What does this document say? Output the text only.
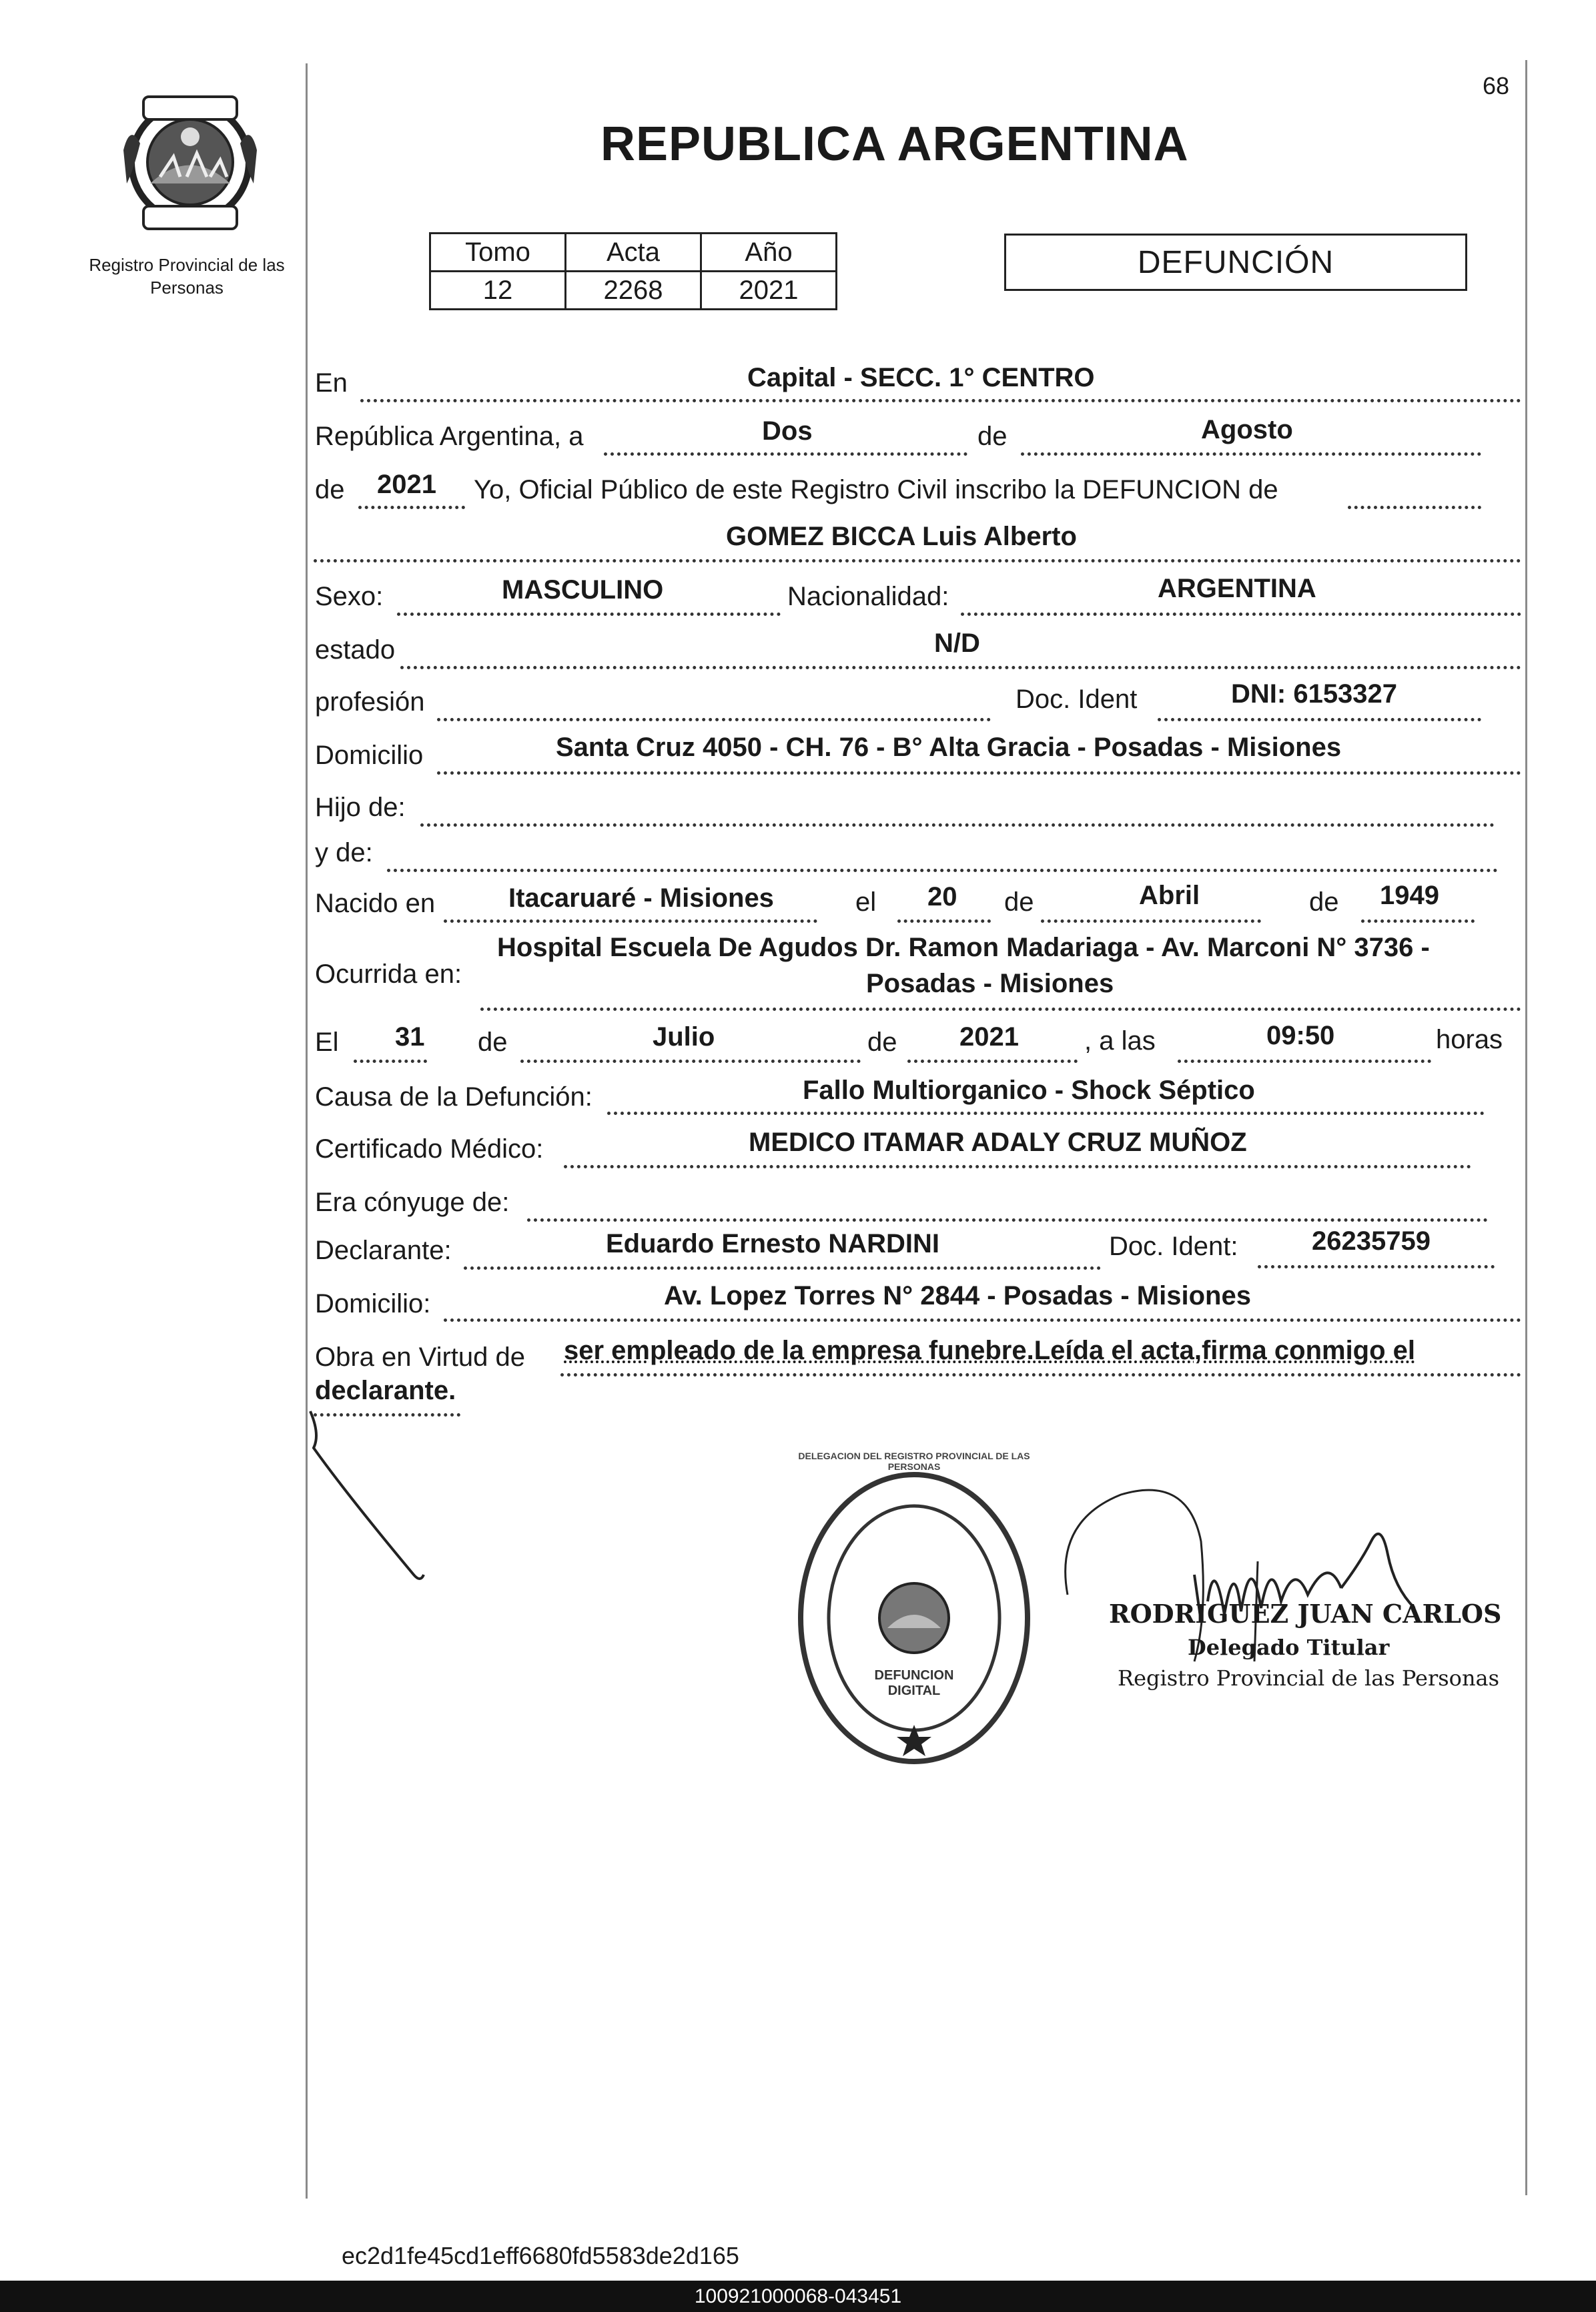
68
Registro Provincial de las Personas
REPUBLICA ARGENTINA
Tomo	Acta	Año
12	2268	2021
DEFUNCIÓN
En	Capital - SECC. 1° CENTRO
República Argentina, a	Dos	de	Agosto
de 2021 Yo, Oficial Público de este Registro Civil inscribo la DEFUNCION de
GOMEZ BICCA Luis Alberto
Sexo:	MASCULINO	Nacionalidad:	ARGENTINA
estado	N/D
profesión	Doc. Ident	DNI: 6153327
Domicilio	Santa Cruz 4050 - CH. 76 - B° Alta Gracia - Posadas - Misiones
Hijo de:
y de:
Nacido en	Itacaruaré - Misiones	el 20 de	Abril	de 1949
Ocurrida en:
Hospital Escuela De Agudos Dr. Ramon Madariaga - Av. Marconi N° 3736 -
Posadas - Misiones
El 31 de	Julio	de 2021 , a las	09:50	horas
Causa de la Defunción:	Fallo Multiorganico - Shock Séptico
Certificado Médico:	MEDICO ITAMAR ADALY CRUZ MUÑOZ
Era cónyuge de:
Declarante:	Eduardo Ernesto NARDINI	Doc. Ident:	26235759
Domicilio:	Av. Lopez Torres N° 2844 - Posadas - Misiones
Obra en Virtud de ser empleado de la empresa funebre.Leída el acta,firma conmigo el
declarante.
DELEGACION DEL REGISTRO PROVINCIAL DE LAS PERSONAS
DEFUNCION DIGITAL
RODRIGUEZ JUAN CARLOS
Delegado Titular
Registro Provincial de las Personas
ec2d1fe45cd1eff6680fd5583de2d165
100921000068-043451
